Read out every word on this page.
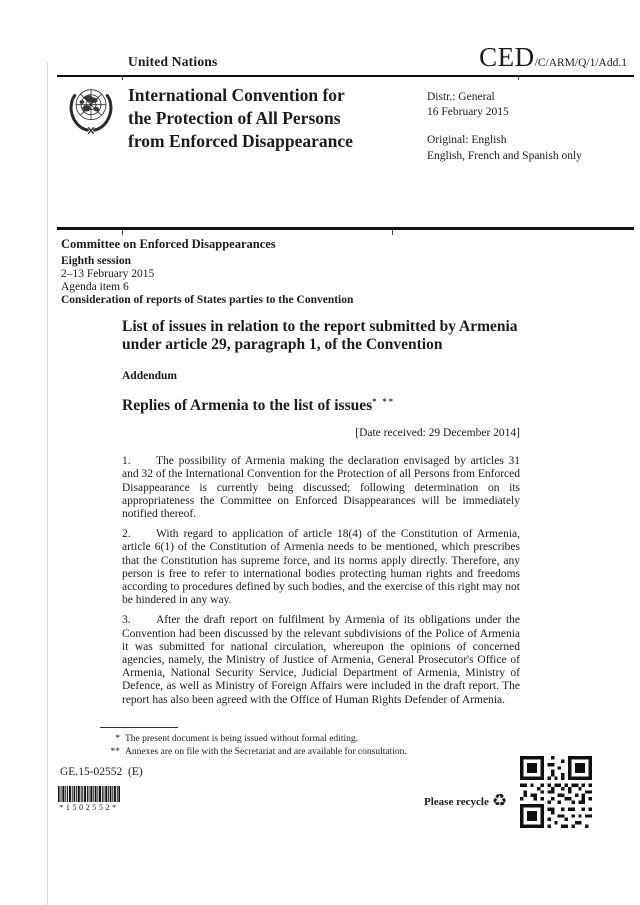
United Nations	CED /C/ARM/Q/1/Add.1
International Convention for
the Protection of All Persons
from Enforced Disappearance
Distr.: General
16 February 2015
Original: English
English, French and Spanish only
Committee on Enforced Disappearances
Eighth session
2–13 February 2015
Agenda item 6
Consideration of reports of States parties to the Convention
List of issues in relation to the report submitted by Armenia
under article 29, paragraph 1, of the Convention
Addendum
Replies of Armenia to the list of issues* **
[Date received: 29 December 2014]

1. The possibility of Armenia making the declaration envisaged by articles 31 and 32 of the International Convention for the Protection of all Persons from Enforced Disappearance is currently being discussed; following determination on its appropriateness the Committee on Enforced Disappearances will be immediately notified thereof.

2. With regard to application of article 18(4) of the Constitution of Armenia, article 6(1) of the Constitution of Armenia needs to be mentioned, which prescribes that the Constitution has supreme force, and its norms apply directly. Therefore, any person is free to refer to international bodies protecting human rights and freedoms according to procedures defined by such bodies, and the exercise of this right may not be hindered in any way.

3. After the draft report on fulfilment by Armenia of its obligations under the Convention had been discussed by the relevant subdivisions of the Police of Armenia it was submitted for national circulation, whereupon the opinions of concerned agencies, namely, the Ministry of Justice of Armenia, General Prosecutor's Office of Armenia, National Security Service, Judicial Department of Armenia, Ministry of Defence, as well as Ministry of Foreign Affairs were included in the draft report. The report has also been agreed with the Office of Human Rights Defender of Armenia.

* The present document is being issued without formal editing.
** Annexes are on file with the Secretariat and are available for consultation.
GE.15-02552  (E)
*1502552*	Please recycle ♻
